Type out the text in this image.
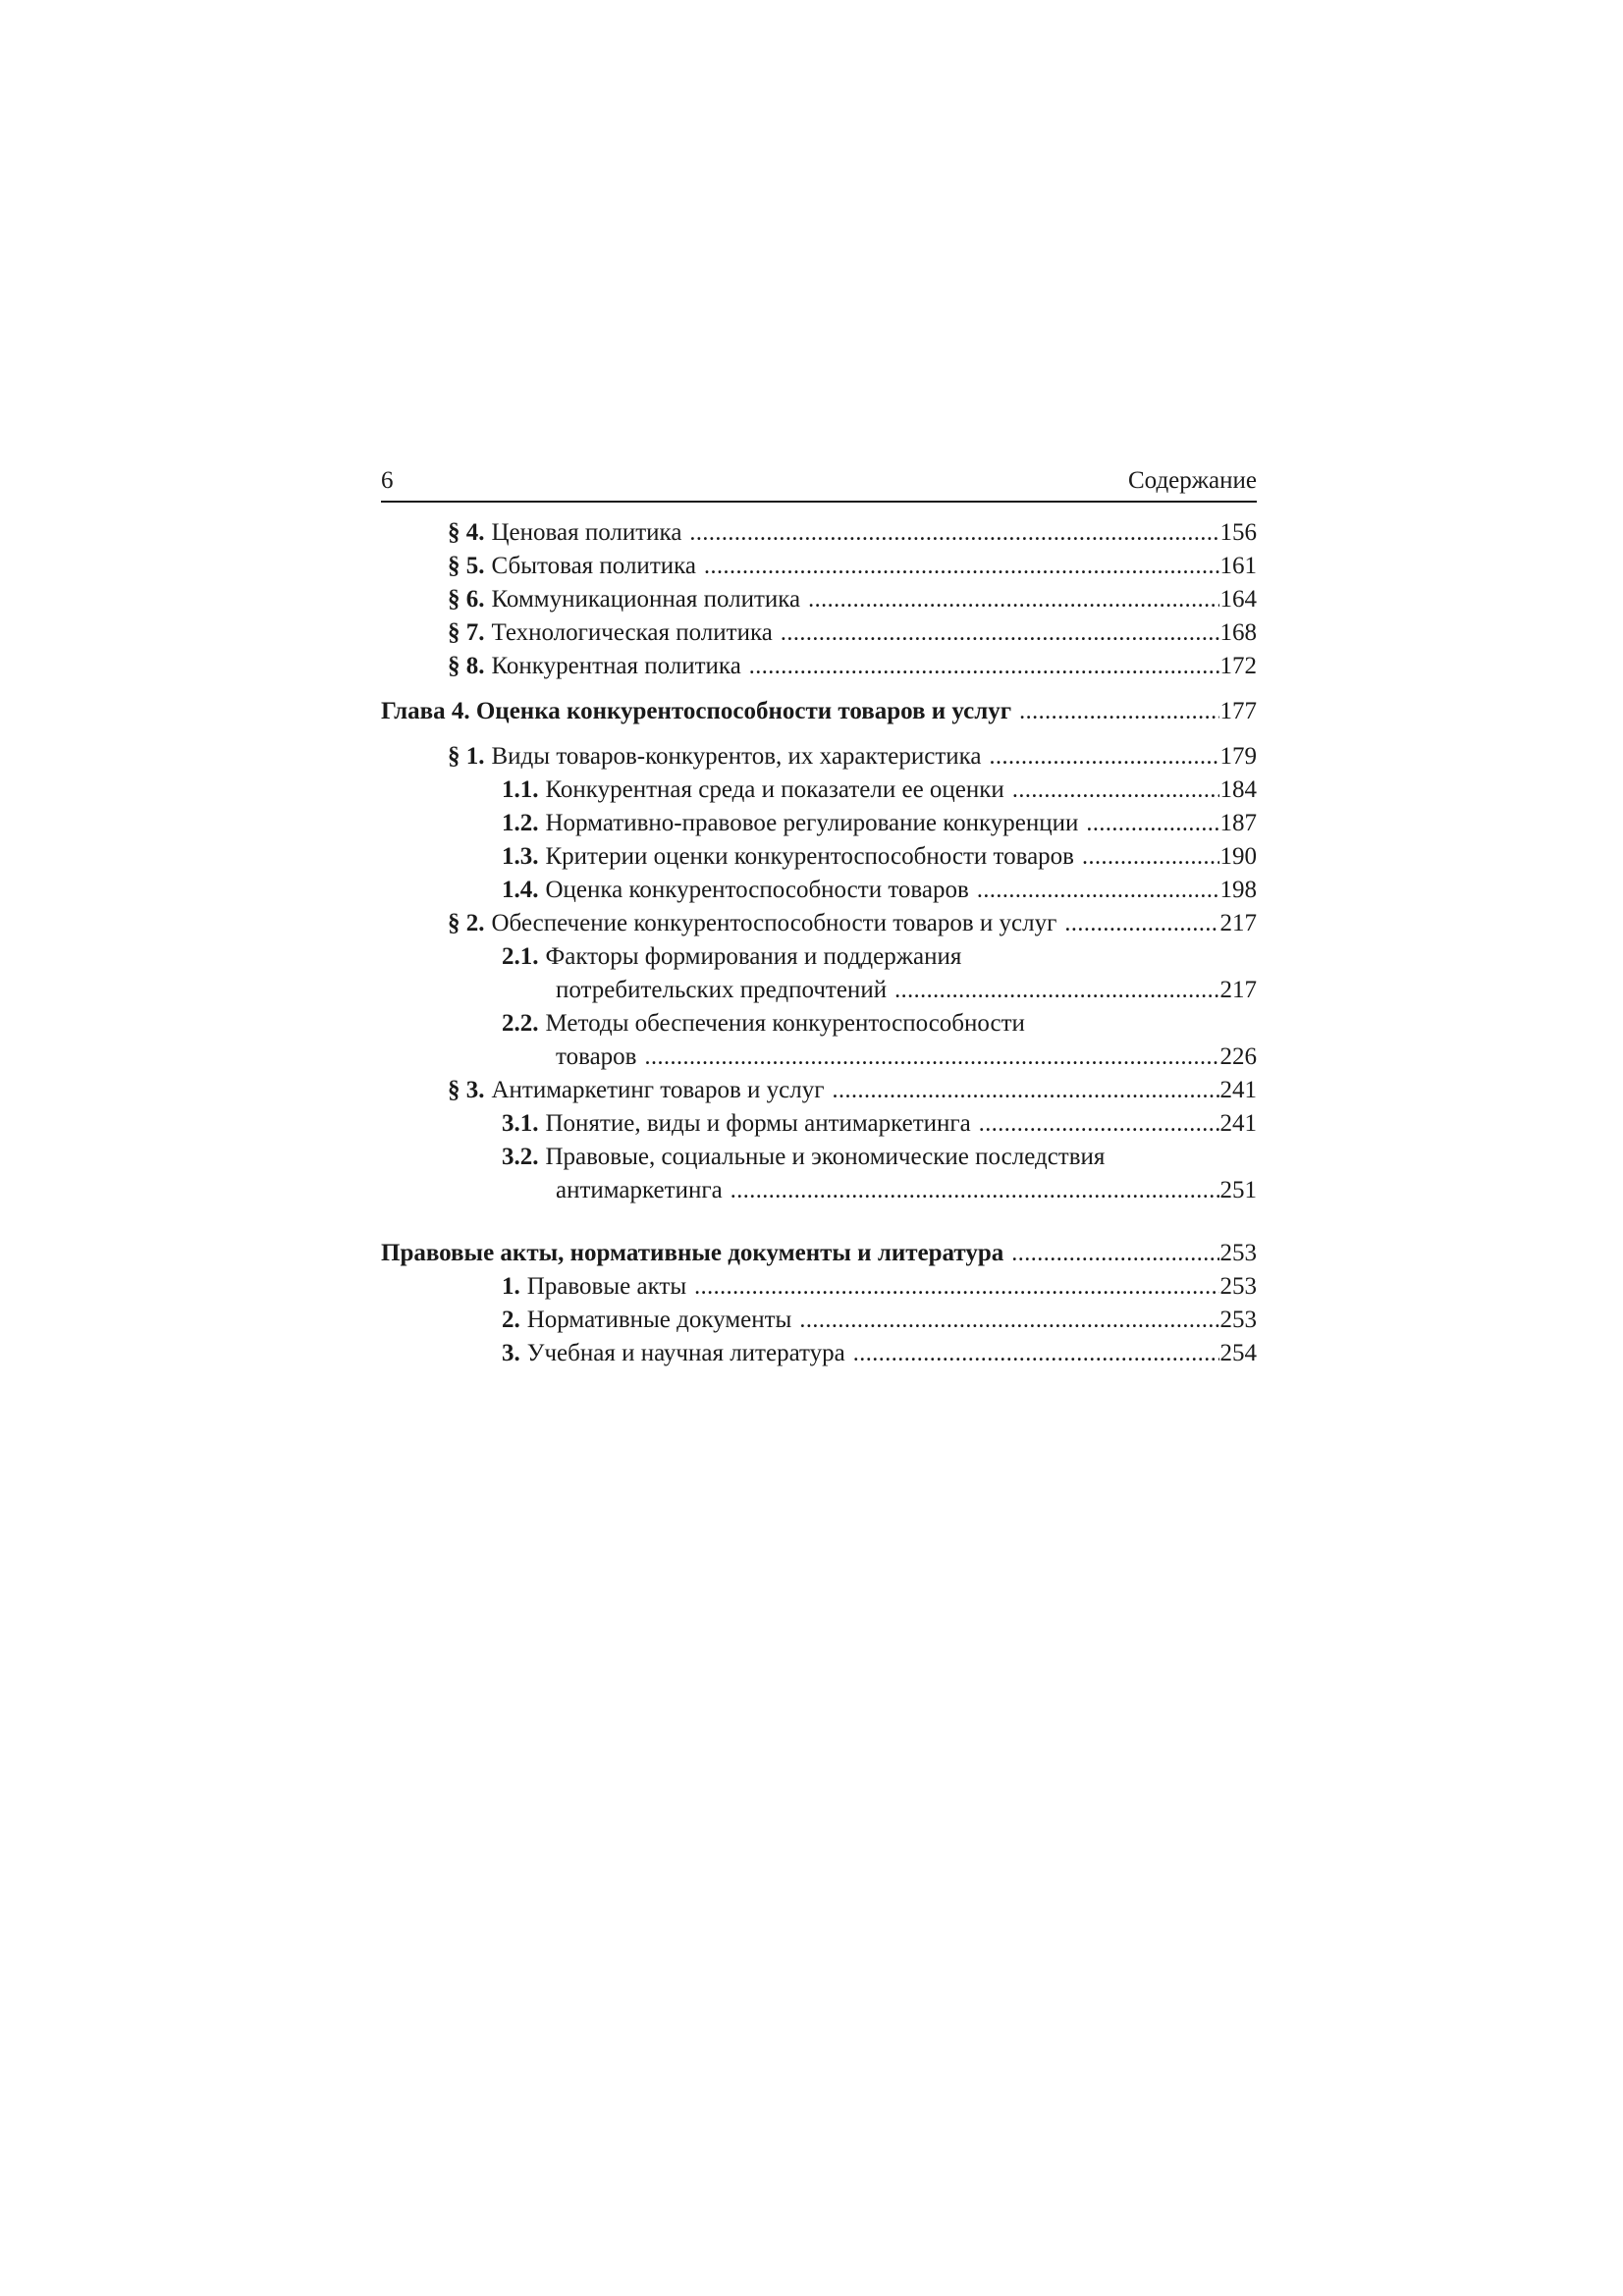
6	Содержание
§ 4. Ценовая политика .....	156
§ 5. Сбытовая политика .....	161
§ 6. Коммуникационная политика .....	164
§ 7. Технологическая политика .....	168
§ 8. Конкурентная политика .....	172
Глава 4. Оценка конкурентоспособности товаров и услуг .....	177
§ 1. Виды товаров-конкурентов, их характеристика .....	179
1.1. Конкурентная среда и показатели ее оценки .....	184
1.2. Нормативно-правовое регулирование конкуренции .....	187
1.3. Критерии оценки конкурентоспособности товаров .....	190
1.4. Оценка конкурентоспособности товаров .....	198
§ 2. Обеспечение конкурентоспособности товаров и услуг .....	217
2.1. Факторы формирования и поддержания
потребительских предпочтений .....	217
2.2. Методы обеспечения конкурентоспособности
товаров .....	226
§ 3. Антимаркетинг товаров и услуг .....	241
3.1. Понятие, виды и формы антимаркетинга .....	241
3.2. Правовые, социальные и экономические последствия
антимаркетинга .....	251
Правовые акты, нормативные документы и литература .....	253
1. Правовые акты .....	253
2. Нормативные документы .....	253
3. Учебная и научная литература .....	254
